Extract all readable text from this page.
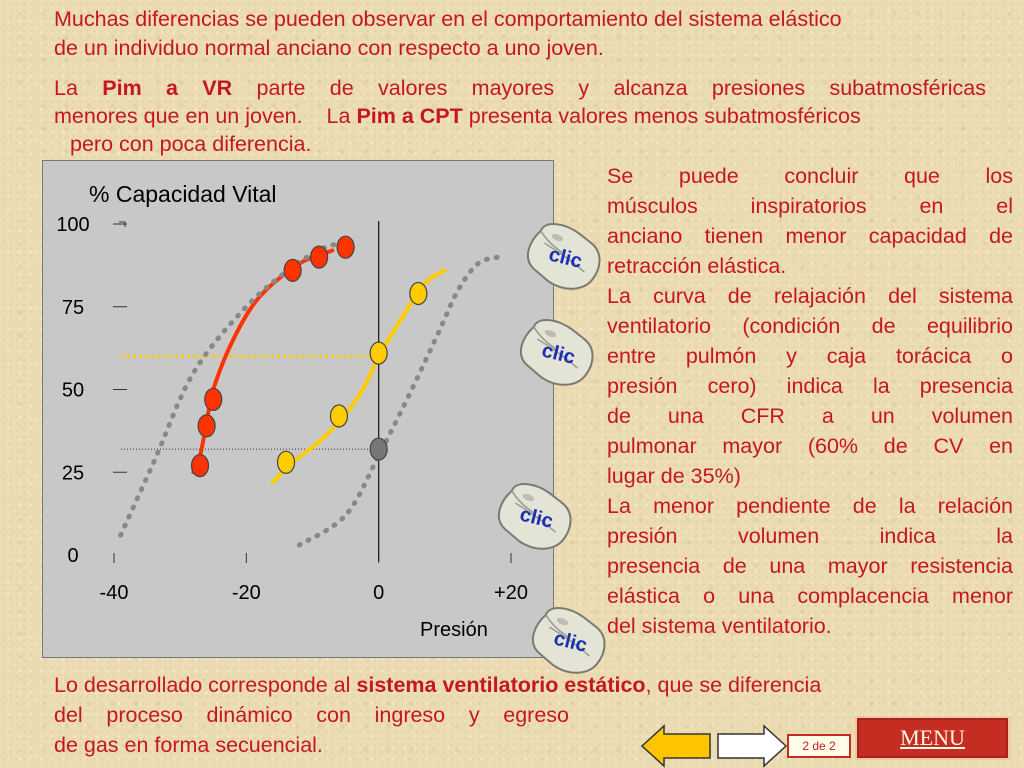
Muchas diferencias se pueden observar en el comportamiento del sistema elástico
de un individuo normal anciano con respecto a uno joven.
La Pim a VR parte de valores mayores y alcanza presiones subatmosféricas
menores que en un joven. La Pim a CPT presenta valores menos subatmosféricos
pero con poca diferencia.
% Capacidad Vital
Presión
0
25
50
75
100
-40	-20	0	+20
Se puede concluir que los
músculos inspiratorios en el
anciano tienen menor capacidad de
retracción elástica.
La curva de relajación del sistema
ventilatorio (condición de equilibrio
entre pulmón y caja torácica o
presión cero) indica la presencia
de una CFR a un volumen
pulmonar mayor (60% de CV en
lugar de 35%)
La menor pendiente de la relación
presión volumen indica la
presencia de una mayor resistencia
elástica o una complacencia menor
del sistema ventilatorio.
clic
clic
clic
clic
Lo desarrollado corresponde al sistema ventilatorio estático, que se diferencia
del proceso dinámico con ingreso y egreso
de gas en forma secuencial.	2 de 2	MENU
